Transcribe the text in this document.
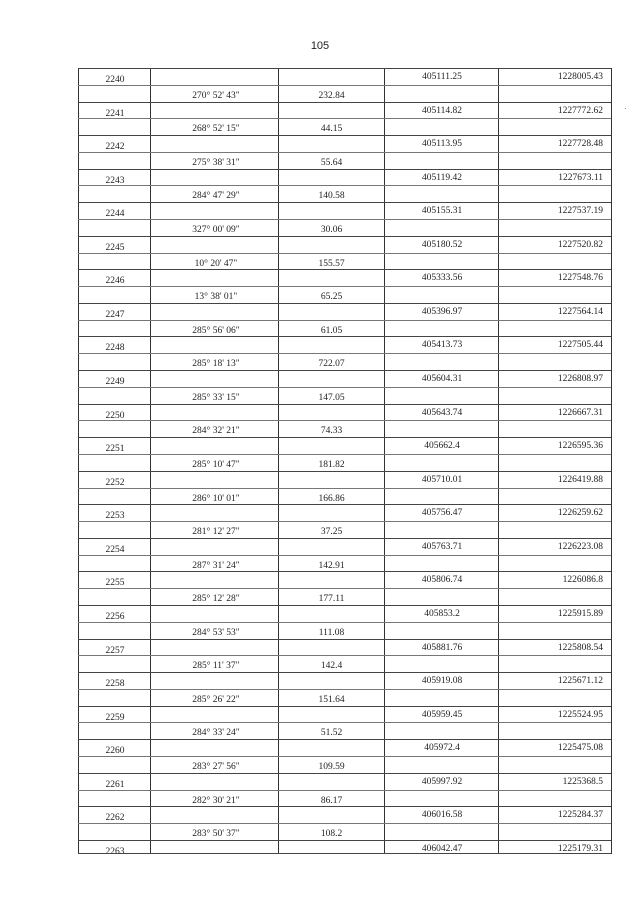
105
2240	405111.25	1228005.43
270° 52' 43"	232.84
2241	405114.82	1227772.62
268° 52' 15"	44.15
2242	405113.95	1227728.48
275° 38' 31"	55.64
2243	405119.42	1227673.11
284° 47' 29"	140.58
2244	405155.31	1227537.19
327° 00' 09"	30.06
2245	405180.52	1227520.82
10° 20' 47"	155.57
2246	405333.56	1227548.76
13° 38' 01"	65.25
2247	405396.97	1227564.14
285° 56' 06"	61.05
2248	405413.73	1227505.44
285° 18' 13"	722.07
2249	405604.31	1226808.97
285° 33' 15"	147.05
2250	405643.74	1226667.31
284° 32' 21"	74.33
2251	405662.4	1226595.36
285° 10' 47"	181.82
2252	405710.01	1226419.88
286° 10' 01"	166.86
2253	405756.47	1226259.62
281° 12' 27"	37.25
2254	405763.71	1226223.08
287° 31' 24"	142.91
2255	405806.74	1226086.8
285° 12' 28"	177.11
2256	405853.2	1225915.89
284° 53' 53"	111.08
2257	405881.76	1225808.54
285° 11' 37"	142.4
2258	405919.08	1225671.12
285° 26' 22"	151.64
2259	405959.45	1225524.95
284° 33' 24"	51.52
2260	405972.4	1225475.08
283° 27' 56"	109.59
2261	405997.92	1225368.5
282° 30' 21"	86.17
2262	406016.58	1225284.37
283° 50' 37"	108.2
2263	406042.47	1225179.31
